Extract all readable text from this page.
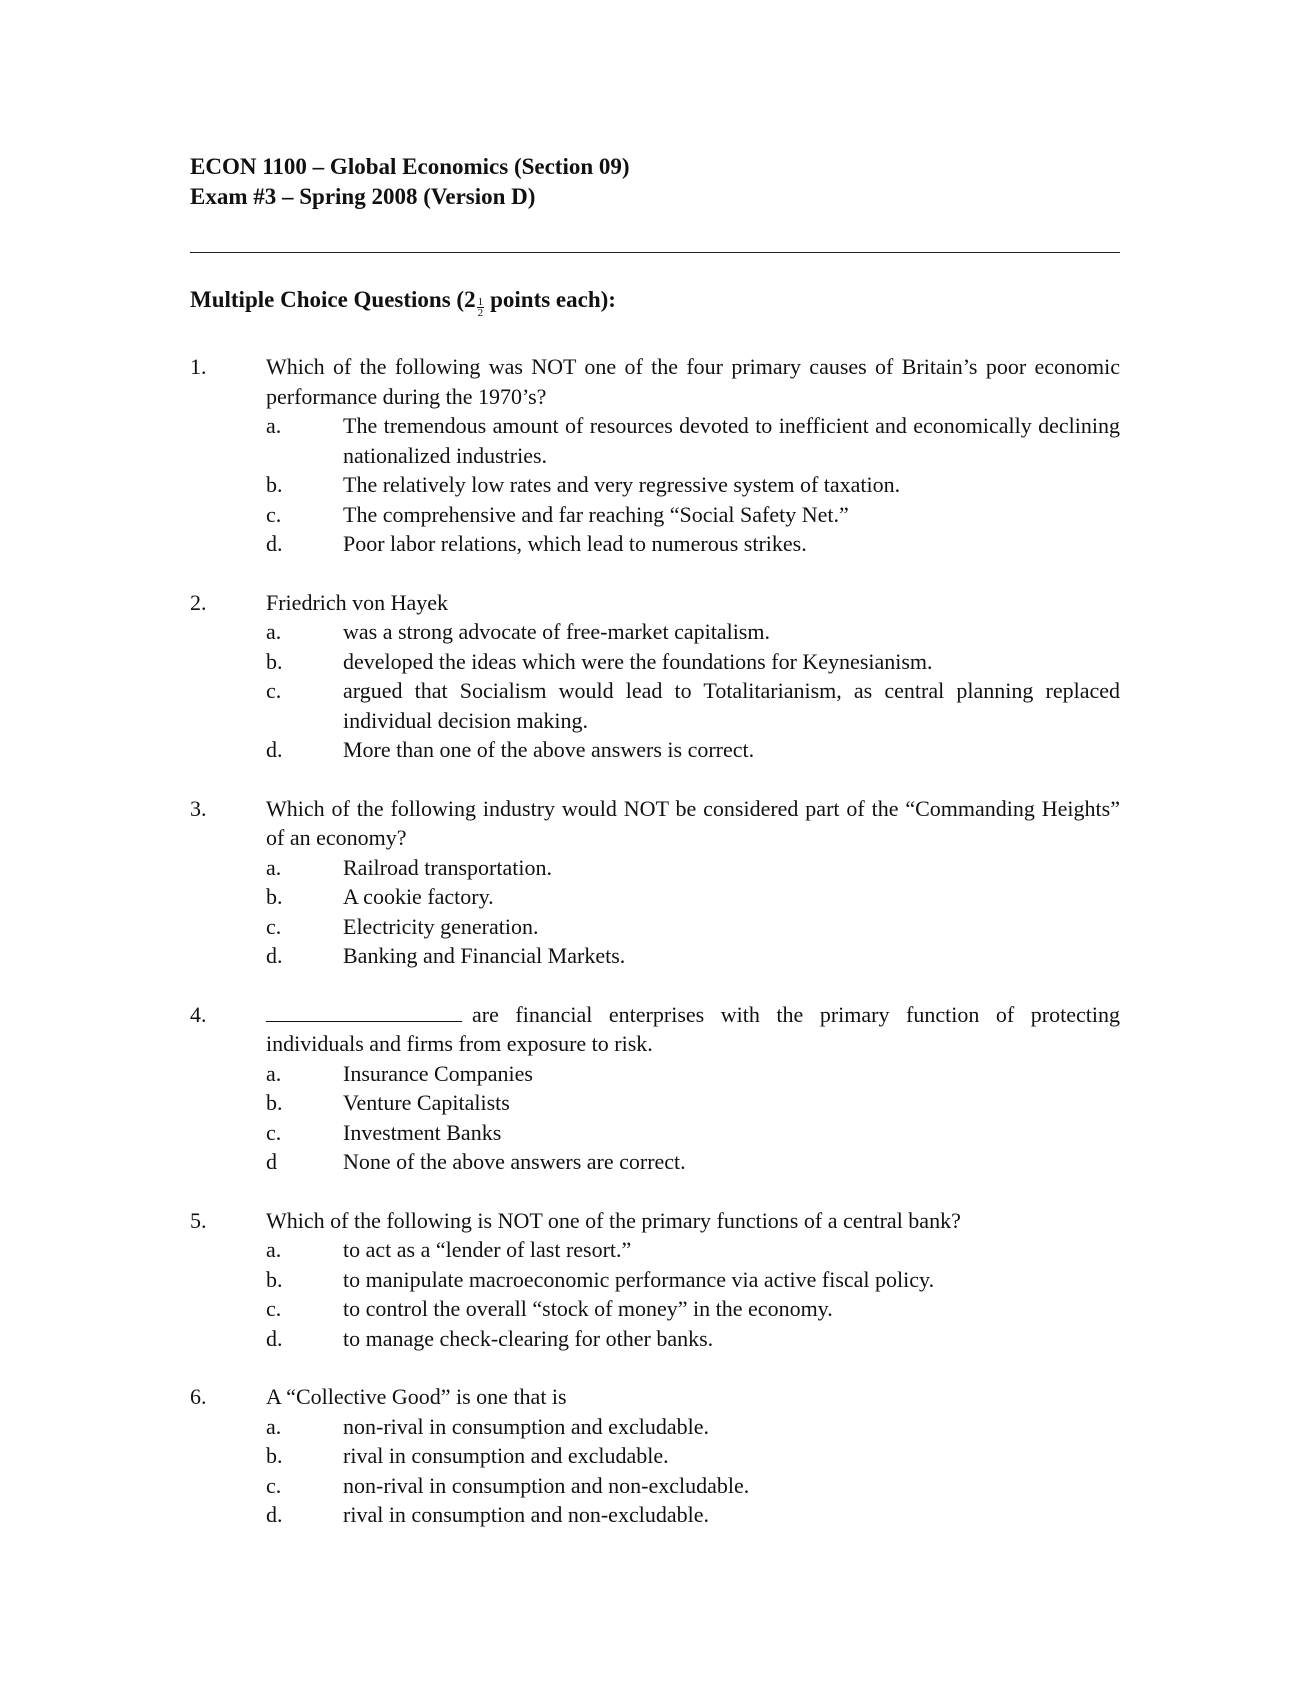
ECON 1100 – Global Economics (Section 09)

Exam #3 – Spring 2008 (Version D)

Multiple Choice Questions ($2 \frac{1}{2}$ points each):
1.	Which of the following was NOT one of the four primary causes of Britain’s poor economic performance during the 1970’s?
a.	The tremendous amount of resources devoted to inefficient and economically declining nationalized industries.
b.	The relatively low rates and very regressive system of taxation.
c.	The comprehensive and far reaching “Social Safety Net.”
d.	Poor labor relations, which lead to numerous strikes.
2.	Friedrich von Hayek
a.	was a strong advocate of free-market capitalism.
b.	developed the ideas which were the foundations for Keynesianism.
c.	argued that Socialism would lead to Totalitarianism, as central planning replaced individual decision making.
d.	More than one of the above answers is correct.
3.	Which of the following industry would NOT be considered part of the “Commanding Heights” of an economy?
a.	Railroad transportation.
b.	A cookie factory.
c.	Electricity generation.
d.	Banking and Financial Markets.
4.	are financial enterprises with the primary function of protecting individuals and firms from exposure to risk.
a.	Insurance Companies
b.	Venture Capitalists
c.	Investment Banks
d	None of the above answers are correct.
5.	Which of the following is NOT one of the primary functions of a central bank?
a.	to act as a “lender of last resort.”
b.	to manipulate macroeconomic performance via active fiscal policy.
c.	to control the overall “stock of money” in the economy.
d.	to manage check-clearing for other banks.
6.	A “Collective Good” is one that is
a.	non-rival in consumption and excludable.
b.	rival in consumption and excludable.
c.	non-rival in consumption and non-excludable.
d.	rival in consumption and non-excludable.
